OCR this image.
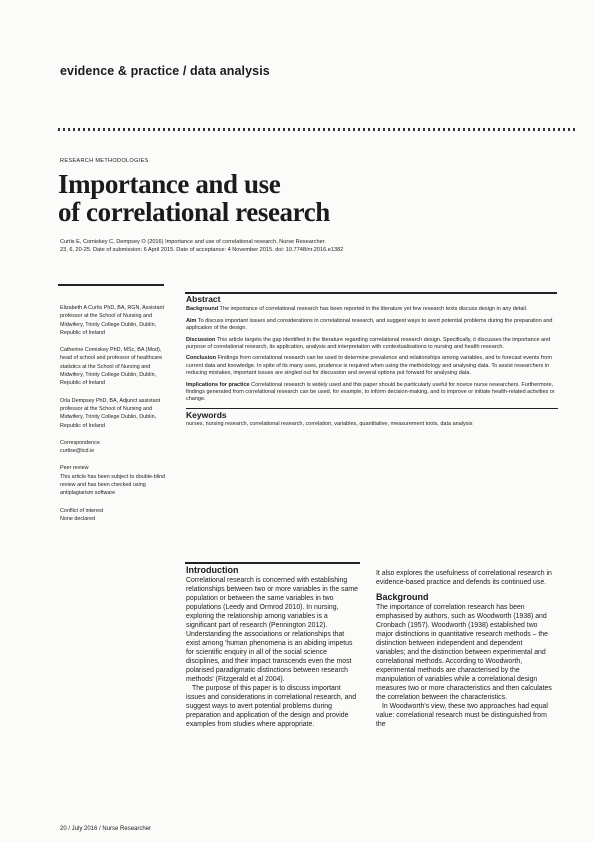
evidence & practice / data analysis
RESEARCH METHODOLOGIES
Importance and use
of correlational research
Curtis E, Comiskey C, Dempsey O (2016) Importance and use of correlational research. Nurse Researcher.
23, 6, 20-25. Date of submission: 6 April 2015. Date of acceptance: 4 November 2015. doi: 10.7748/nr.2016.e1382

Elizabeth A Curtis PhD, BA, RGN, Assistant professor at the School of Nursing and Midwifery, Trinity College Dublin, Dublin, Republic of Ireland

Catherine Comiskey PhD, MSc, BA (Mod), head of school and professor of healthcare statistics at the School of Nursing and Midwifery, Trinity College Dublin, Dublin, Republic of Ireland

Orla Dempsey PhD, BA, Adjunct assistant professor at the School of Nursing and Midwifery, Trinity College Dublin, Dublin, Republic of Ireland

Correspondence
curtise@tcd.ie

Peer review
This article has been subject to double-blind review and has been checked using antiplagiarism software

Conflict of interest
None declared

Abstract

Background The importance of correlational research has been reported in the literature yet few research texts discuss design in any detail.

Aim To discuss important issues and considerations in correlational research, and suggest ways to avert potential problems during the preparation and application of the design.

Discussion This article targets the gap identified in the literature regarding correlational research design. Specifically, it discusses the importance and purpose of correlational research, its application, analysis and interpretation with contextualisations to nursing and health research.

Conclusion Findings from correlational research can be used to determine prevalence and relationships among variables, and to forecast events from current data and knowledge. In spite of its many uses, prudence is required when using the methodology and analysing data. To assist researchers in reducing mistakes, important issues are singled out for discussion and several options put forward for analysing data.

Implications for practice Correlational research is widely used and this paper should be particularly useful for novice nurse researchers. Furthermore, findings generated from correlational research can be used, for example, to inform decision-making, and to improve or initiate health-related activities or change.

Keywords

nurses, nursing research, correlational research, correlation, variables, quantitative, measurement tools, data analysis

Introduction

Correlational research is concerned with establishing relationships between two or more variables in the same population or between the same variables in two populations (Leedy and Ormrod 2010). In nursing, exploring the relationship among variables is a significant part of research (Pennington 2012). Understanding the associations or relationships that exist among 'human phenomena is an abiding impetus for scientific enquiry in all of the social science disciplines, and their impact transcends even the most polarised paradigmatic distinctions between research methods' (Fitzgerald et al 2004).

The purpose of this paper is to discuss important issues and considerations in correlational research, and suggest ways to avert potential problems during preparation and application of the design and provide examples from studies where appropriate.

It also explores the usefulness of correlational research in evidence-based practice and defends its continued use.

Background

The importance of correlation research has been emphasised by authors, such as Woodworth (1938) and Cronbach (1957). Woodworth (1938) established two major distinctions in quantitative research methods – the distinction between independent and dependent variables; and the distinction between experimental and correlational methods. According to Woodworth, experimental methods are characterised by the manipulation of variables while a correlational design measures two or more characteristics and then calculates the correlation between the characteristics.

In Woodworth's view, these two approaches had equal value: correlational research must be distinguished from the

20 / July 2016 / Nurse Researcher
